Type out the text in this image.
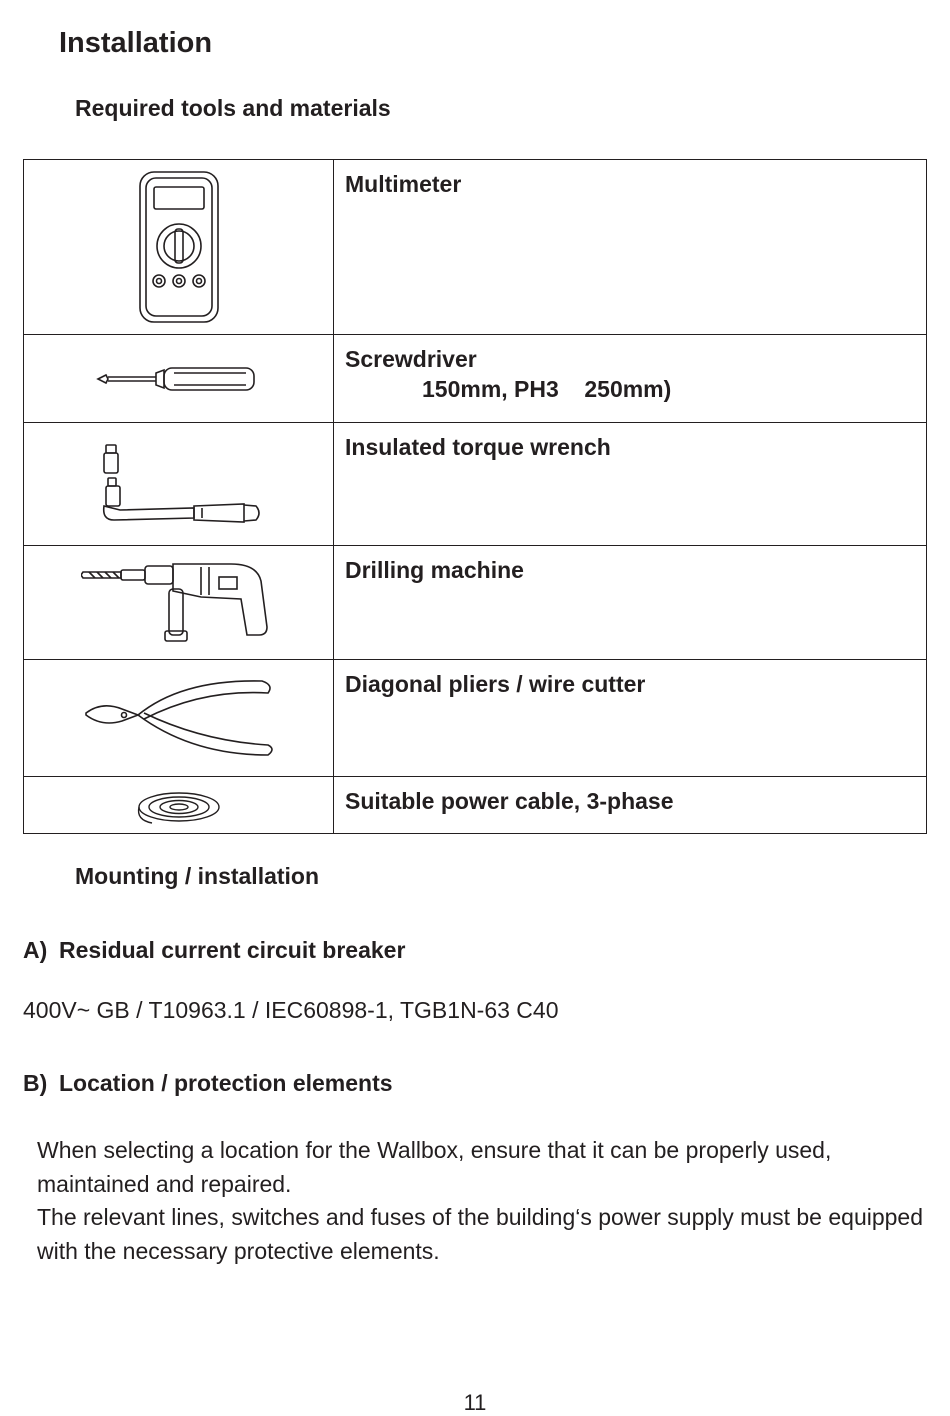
Installation
Required tools and materials
	Multimeter

	Screwdriver
150mm, PH3    250mm)

	Insulated torque wrench

	Drilling machine

	Diagonal pliers / wire cutter

	Suitable power cable, 3-phase
Mounting / installation
A) Residual current circuit breaker

400V~ GB / T10963.1 / IEC60898-1, TGB1N-63 C40

B) Location / protection elements

When selecting a location for the Wallbox, ensure that it can be properly used, maintained and repaired.

The relevant lines, switches and fuses of the building‘s power supply must be equipped with the necessary protective elements.

11
